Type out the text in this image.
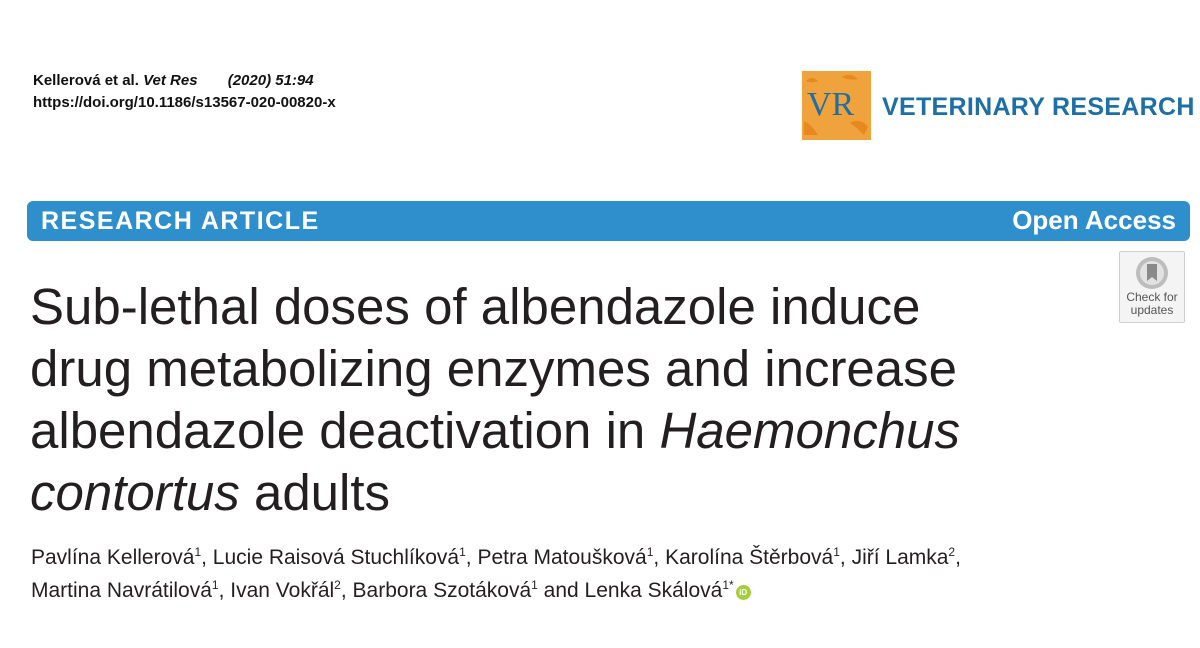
Kellerová et al. Vet Res (2020) 51:94
https://doi.org/10.1186/s13567-020-00820-x	VR VETERINARY RESEARCH
RESEARCH ARTICLE	Open Access
Check for
updates
Sub-lethal doses of albendazole induce
drug metabolizing enzymes and increase
albendazole deactivation in Haemonchus
contortus adults
Pavlína Kellerová$^1$, Lucie Raisová Stuchlíková$^1$, Petra Matoušková$^1$, Karolína Štěrbová$^1$, Jiří Lamka$^2$,
Martina Navrátilová$^1$, Ivan Vokřál$^2$, Barbora Szotáková$^1$ and Lenka Skálová$^{1*}$iD
